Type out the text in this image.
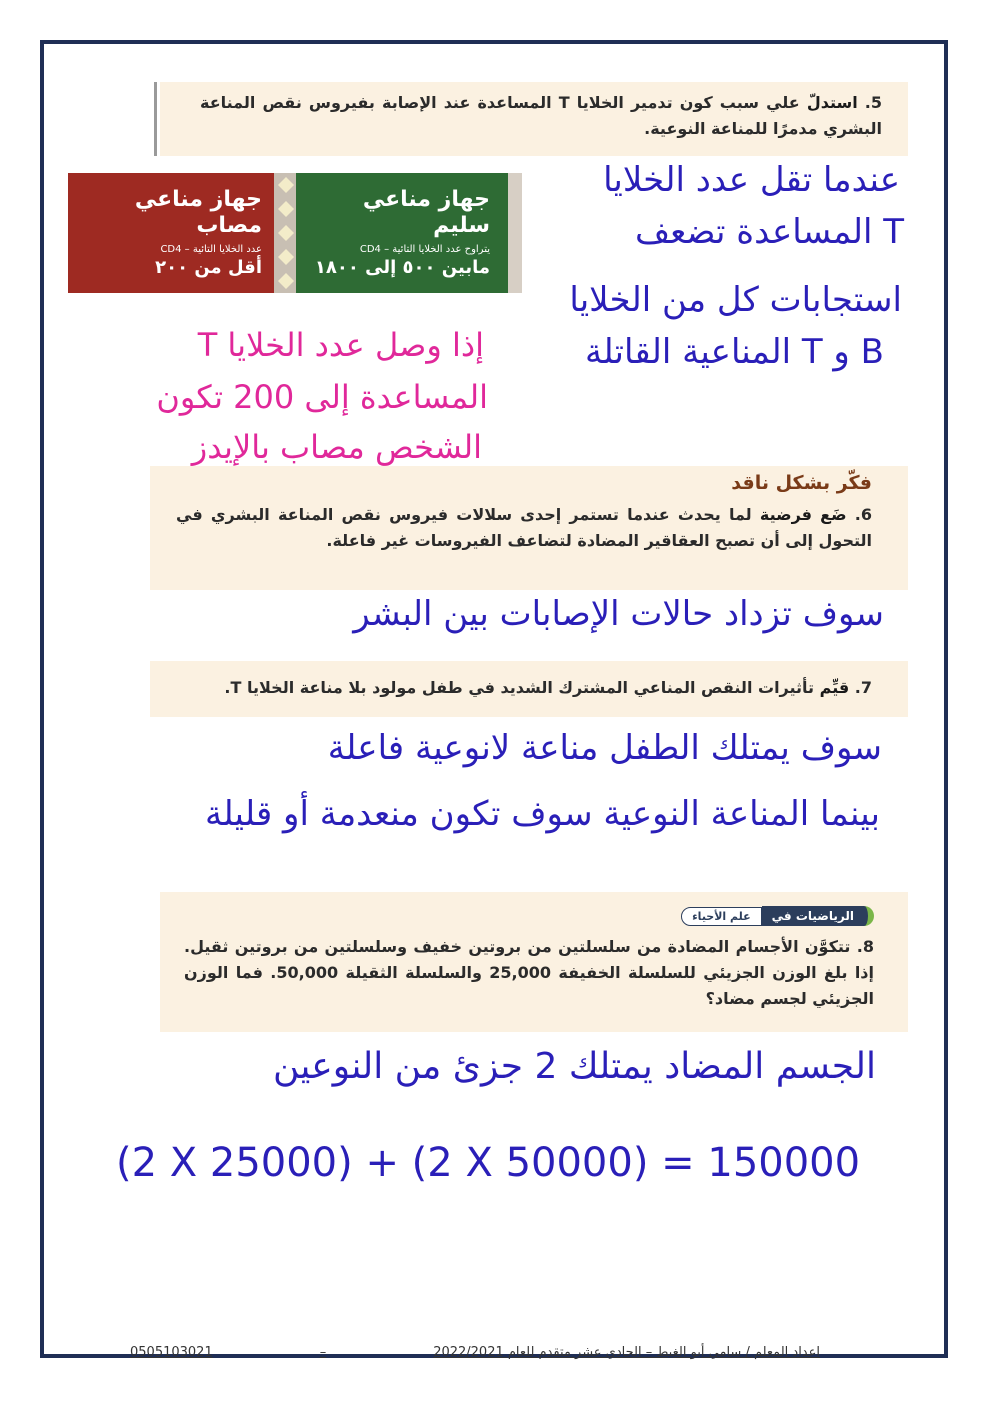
5. استدلّ علي سبب كون تدمير الخلايا T المساعدة عند الإصابة بفيروس نقص المناعة البشري مدمرًا للمناعة النوعية.
جهاز مناعي مصاب
عدد الخلايا التائية – CD4
أقل من ٢٠٠
جهاز مناعي سليم
يتراوح عدد الخلايا التائية – CD4
مابين ٥٠٠ إلى ١٨٠٠
عندما تقل عدد الخلايا
T المساعدة تضعف
استجابات كل من الخلايا
B و T المناعية القاتلة
إذا وصل عدد الخلايا T
المساعدة إلى 200 تكون
الشخص مصاب بالإيدز
فكّر بشكل ناقد
6. ضَع فرضية لما يحدث عندما تستمر إحدى سلالات فيروس نقص المناعة البشري في التحول إلى أن تصبح العقاقير المضادة لتضاعف الفيروسات غير فاعلة.
سوف تزداد حالات الإصابات بين البشر
7. قيِّم تأثيرات النقص المناعي المشترك الشديد في طفل مولود بلا مناعة الخلايا T.
سوف يمتلك الطفل مناعة لانوعية فاعلة
بينما المناعة النوعية سوف تكون منعدمة أو قليلة
الرياضيات في
علم الأحياء
8. تتكوَّن الأجسام المضادة من سلسلتين من بروتين خفيف وسلسلتين من بروتين ثقيل. إذا بلغ الوزن الجزيئي للسلسلة الخفيفة 25,000 والسلسلة الثقيلة 50,000. فما الوزن الجزيئي لجسم مضاد؟
الجسم المضاد يمتلك 2 جزئ من النوعين
(2 X 25000) + (2 X 50000) = 150000
0505103021	–	اعداد المعلم / سامي أبو الغيط – الحادي عشر متقدم للعام 2022/2021
